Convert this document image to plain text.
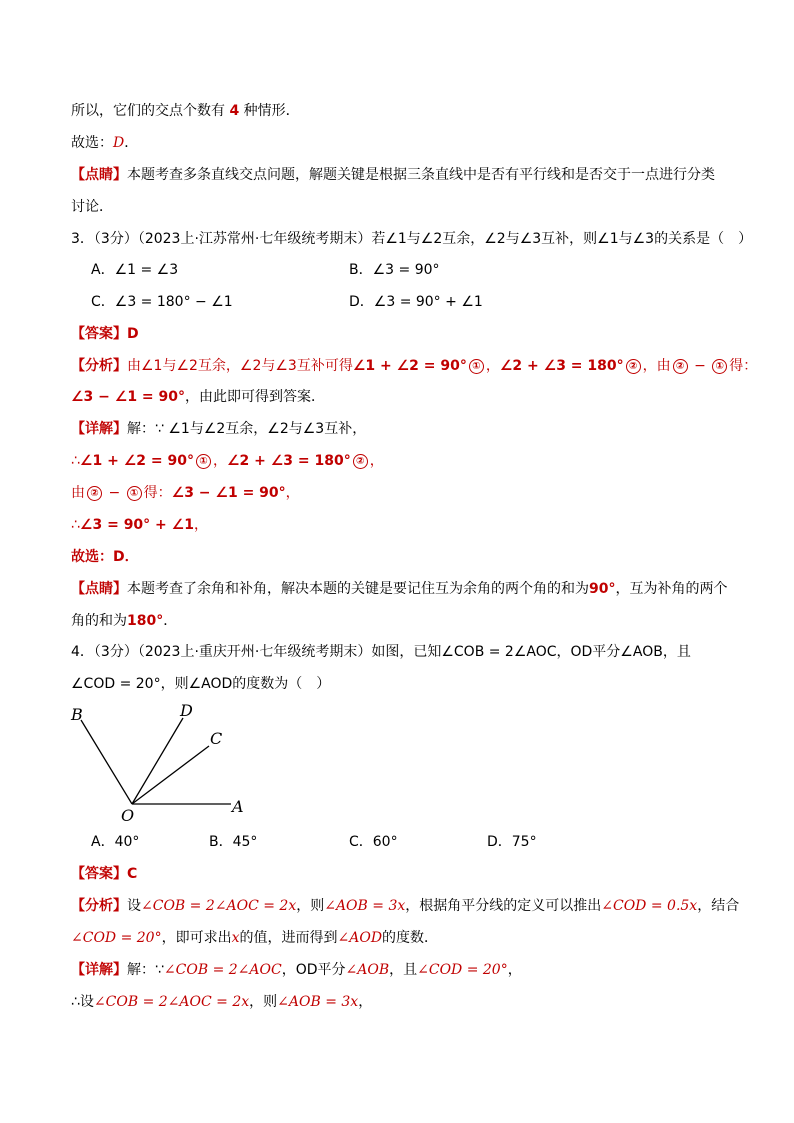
所以，它们的交点个数有 4 种情形．
故选：D．
【点睛】本题考查多条直线交点问题，解题关键是根据三条直线中是否有平行线和是否交于一点进行分类
讨论．
3．（3分）（2023上·江苏常州·七年级统考期末）若∠1与∠2互余，∠2与∠3互补，则∠1与∠3的关系是（　）
A．∠1 = ∠3	B．∠3 = 90°
C．∠3 = 180° − ∠1	D．∠3 = 90° + ∠1
【答案】D
【分析】由∠1与∠2互余，∠2与∠3互补可得∠1 + ∠2 = 90° ① ，∠2 + ∠3 = 180° ② ，由 ② − ① 得：
∠3 − ∠1 = 90°，由此即可得到答案．
【详解】解：∵ ∠1与∠2互余，∠2与∠3互补，
∴∠1 + ∠2 = 90° ① ，∠2 + ∠3 = 180° ② ，
由 ② − ① 得：∠3 − ∠1 = 90°，
∴∠3 = 90° + ∠1，
故选：D．
【点睛】本题考查了余角和补角，解决本题的关键是要记住互为余角的两个角的和为90°，互为补角的两个
角的和为180°．
4．（3分）（2023上·重庆开州·七年级统考期末）如图，已知∠COB = 2∠AOC，OD平分∠AOB，且
∠COD = 20°，则∠AOD的度数为（　）
B	D
C
O	A
A．40°	B．45°	C．60°	D．75°
【答案】C
【分析】设∠COB = 2∠AOC = 2x，则∠AOB = 3x，根据角平分线的定义可以推出∠COD = 0.5x，结合
∠COD = 20°，即可求出x的值，进而得到∠AOD的度数．
【详解】解：∵∠COB = 2∠AOC，OD平分∠AOB，且∠COD = 20°，
∴设∠COB = 2∠AOC = 2x，则∠AOB = 3x，
